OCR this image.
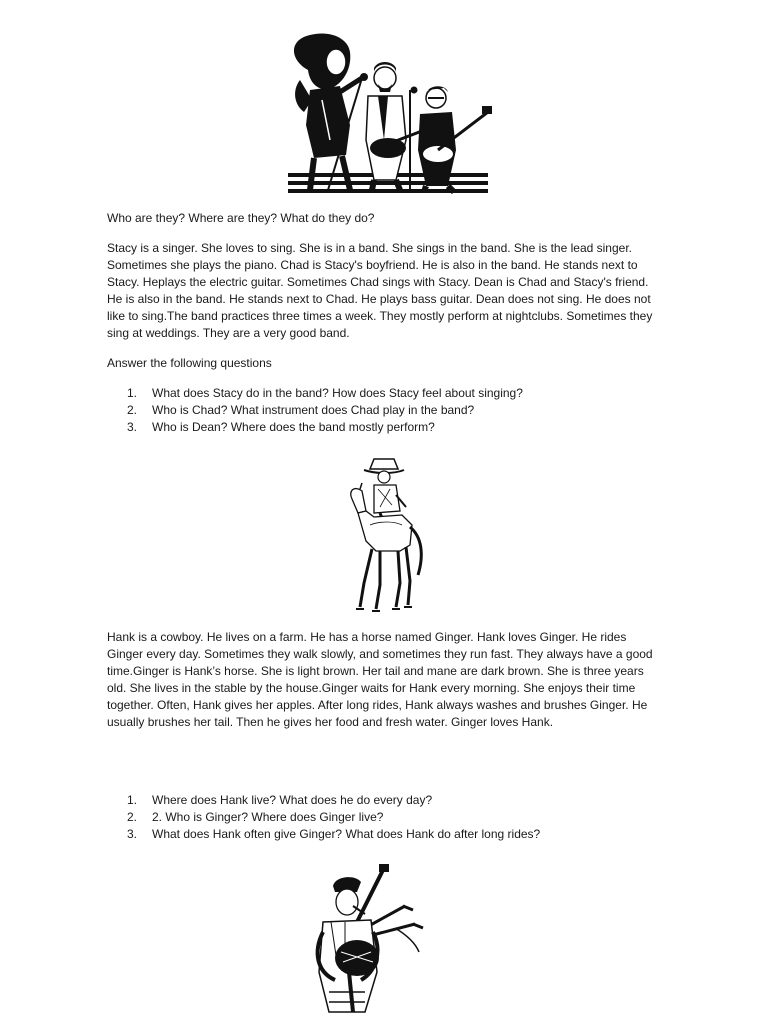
Who are they? Where are they? What do they do?

Stacy is a singer. She loves to sing. She is in a band. She sings in the band. She is the lead singer. Sometimes she plays the piano. Chad is Stacy's boyfriend. He is also in the band. He stands next to Stacy. Heplays the electric guitar. Sometimes Chad sings with Stacy. Dean is Chad and Stacy's friend. He is also in the band. He stands next to Chad. He plays bass guitar. Dean does not sing. He does not like to sing.The band practices three times a week. They mostly perform at nightclubs. Sometimes they sing at weddings. They are a very good band.

Answer the following questions

1. What does Stacy do in the band? How does Stacy feel about singing?
2. Who is Chad? What instrument does Chad play in the band?
3. Who is Dean? Where does the band mostly perform?

Hank is a cowboy. He lives on a farm. He has a horse named Ginger. Hank loves Ginger. He rides Ginger every day. Sometimes they walk slowly, and sometimes they run fast. They always have a good time.Ginger is Hank’s horse. She is light brown. Her tail and mane are dark brown. She is three years old. She lives in the stable by the house.Ginger waits for Hank every morning. She enjoys their time together. Often, Hank gives her apples. After long rides, Hank always washes and brushes Ginger. He usually brushes her tail. Then he gives her food and fresh water. Ginger loves Hank.

1. Where does Hank live? What does he do every day?
2. 2. Who is Ginger? Where does Ginger live?
3. What does Hank often give Ginger? What does Hank do after long rides?
